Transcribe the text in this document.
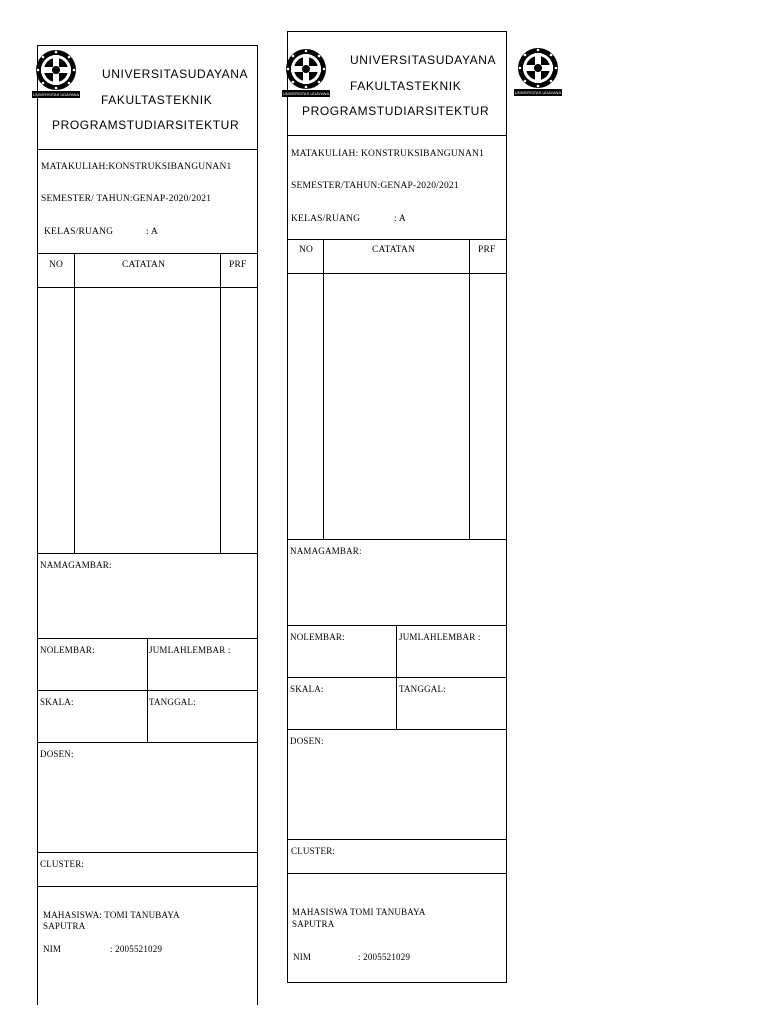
UNIVERSITAS UDAYANA
UNIVERSITASUDAYANA
FAKULTASTEKNIK
PROGRAMSTUDIARSITEKTUR
MATAKULIAH:KONSTRUKSIBANGUNAN1
SEMESTER/ TAHUN:GENAP-2020/2021
KELAS/RUANG	: A
NO	CATATAN	PRF
NAMAGAMBAR:
NOLEMBAR:	JUMLAHLEMBAR :
SKALA:	TANGGAL:
DOSEN:
CLUSTER:
MAHASISWA: TOMI TANUBAYA
SAPUTRA
NIM	: 2005521029
UNIVERSITAS UDAYANA
UNIVERSITASUDAYANA
FAKULTASTEKNIK
PROGRAMSTUDIARSITEKTUR
MATAKULIAH: KONSTRUKSIBANGUNAN1
SEMESTER/TAHUN:GENAP-2020/2021
KELAS/RUANG	: A
NO	CATATAN	PRF
NAMAGAMBAR:
NOLEMBAR:	JUMLAHLEMBAR :
SKALA:	TANGGAL:
DOSEN:
CLUSTER:
MAHASISWA TOMI TANUBAYA
SAPUTRA
NIM	: 2005521029
UNIVERSITAS UDAYANA
